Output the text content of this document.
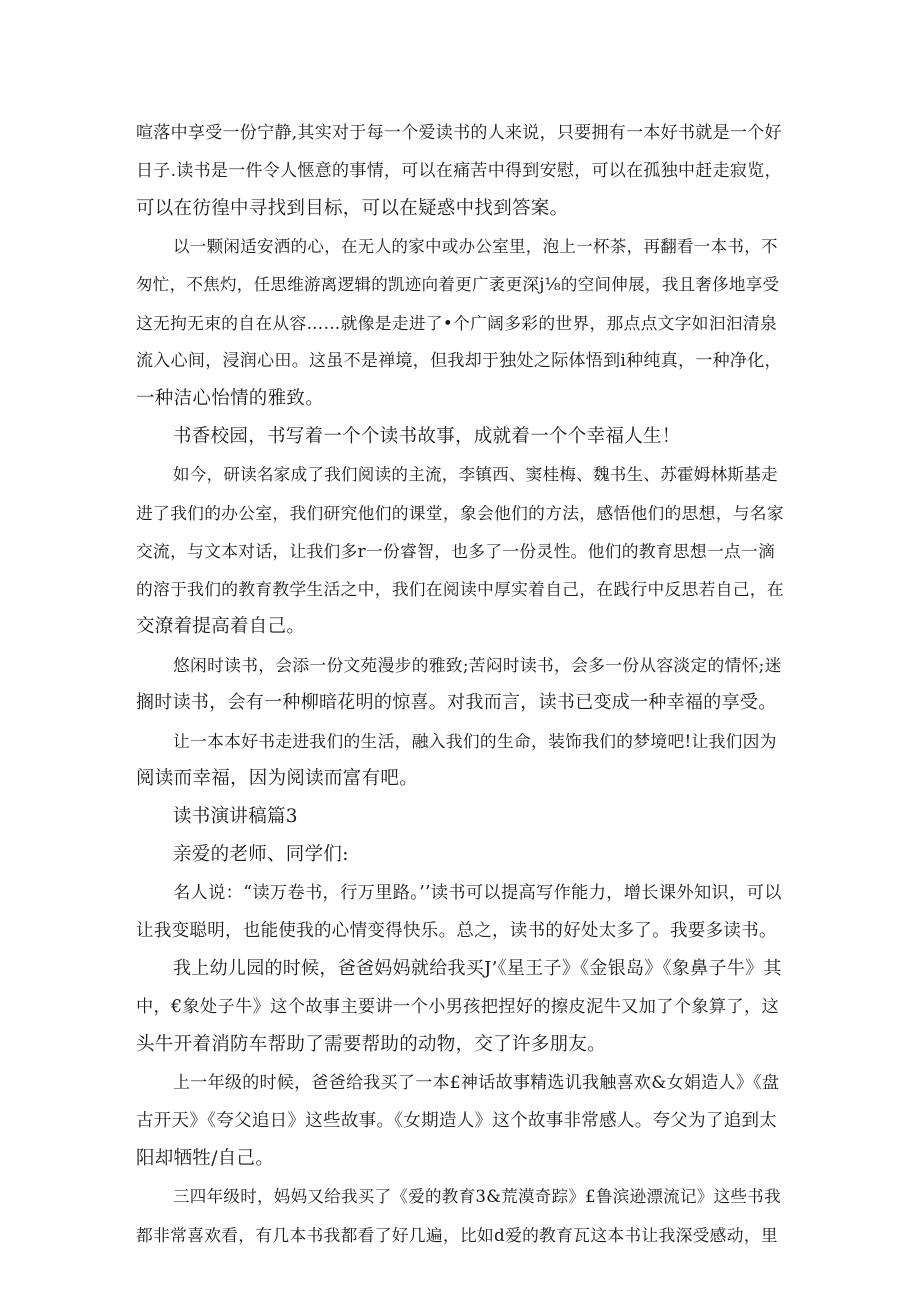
喧落中享受一份宁静,其实对于每一个爱读书的人来说，只要拥有一本好书就是一个好
日子.读书是一件令人惬意的事情，可以在痛苦中得到安慰，可以在孤独中赶走寂览，
可以在彷徨中寻找到目标，可以在疑惑中找到答案。
以一颗闲适安洒的心，在无人的家中或办公室里，泡上一杯茶，再翻看一本书，不
匆忙，不焦灼，任思维游离逻辑的凯迹向着更广袤更深j⅛的空间伸展，我且奢侈地享受
这无拘无束的自在从容……就像是走进了•个广阔多彩的世界，那点点文字如汩汩清泉
流入心间，浸润心田。这虽不是禅境，但我却于独处之际体悟到i种纯真，一种净化，
一种洁心怡情的雅致。
书香校园，书写着一个个读书故事，成就着一个个幸福人生！
如今，研读名家成了我们阅读的主流，李镇西、窦桂梅、魏书生、苏霍姆林斯基走
进了我们的办公室，我们研究他们的课堂，象会他们的方法，感悟他们的思想，与名家
交流，与文本对话，让我们多r一份睿智，也多了一份灵性。他们的教育思想一点一滴
的溶于我们的教育教学生活之中，我们在阅读中厚实着自己，在践行中反思若自己，在
交潦着提高着自己。
悠闲时读书，会添一份文苑漫步的雅致;苦闷时读书，会多一份从容淡定的情怀;迷
搁时读书，会有一种柳暗花明的惊喜。对我而言，读书已变成一种幸福的享受。
让一本本好书走进我们的生活，融入我们的生命，装饰我们的梦境吧!让我们因为
阅读而幸福，因为阅读而富有吧。
读书演讲稿篇3
亲爱的老师、同学们:
名人说：“读万卷书，行万里路。’’读书可以提高写作能力，增长课外知识，可以
让我变聪明，也能使我的心情变得快乐。总之，读书的好处太多了。我要多读书。
我上幼儿园的时候，爸爸妈妈就给我买J’《星王子》《金银岛》《象鼻子牛》其
中，€象处子牛》这个故事主要讲一个小男孩把捏好的擦皮泥牛又加了个象算了，这
头牛开着消防车帮助了需要帮助的动物，交了许多朋友。
上一年级的时候，爸爸给我买了一本£神话故事精选讥我触喜欢&女娟造人》《盘
古开天》《夸父追日》这些故事。《女期造人》这个故事非常感人。夸父为了追到太
阳却牺牲/自己。
三四年级时，妈妈又给我买了《爱的教育3&荒漠奇踪》£鲁滨逊漂流记》这些书我
都非常喜欢看，有几本书我都看了好几遍，比如d爱的教育瓦这本书让我深受感动，里
